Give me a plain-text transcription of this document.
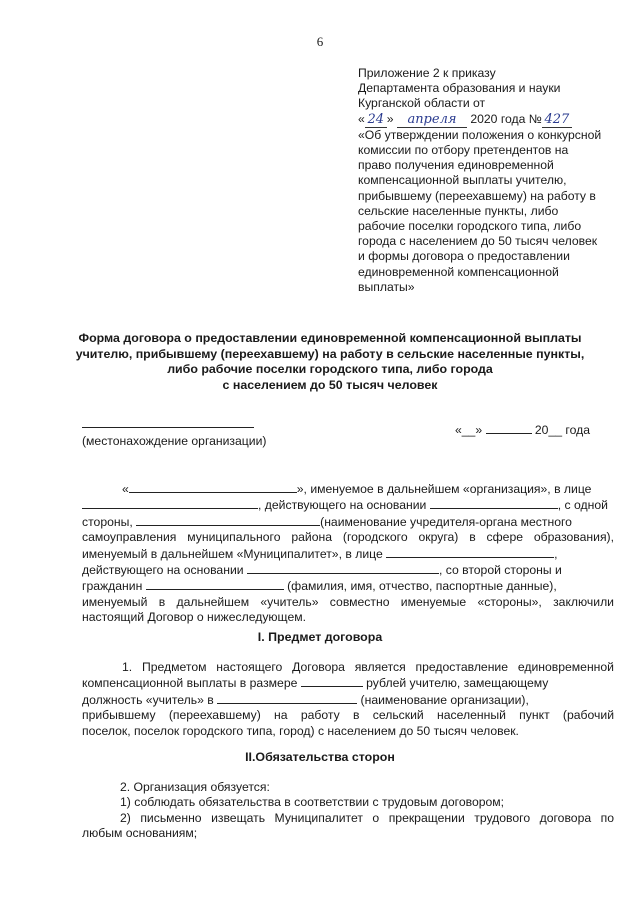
6
Приложение 2 к приказу
Департамента образования и науки
Курганской области от
« 24 » апреля 2020 года № 427
«Об утверждении положения о конкурсной
комиссии по отбору претендентов на
право получения единовременной
компенсационной выплаты учителю,
прибывшему (переехавшему) на работу в
сельские населенные пункты, либо
рабочие поселки городского типа, либо
города с населением до 50 тысяч человек
и формы договора о предоставлении
единовременной компенсационной
выплаты»
Форма договора о предоставлении единовременной компенсационной выплаты
учителю, прибывшему (переехавшему) на работу в сельские населенные пункты,
либо рабочие поселки городского типа, либо города
с населением до 50 тысяч человек
(местонахождение организации)
«__»	20__ года
«	», именуемое в дальнейшем «организация», в лице
, действующего на основании	, с одной
стороны,	(наименование учредителя-органа местного
самоуправления муниципального района (городского округа) в сфере образования),
именуемый в дальнейшем «Муниципалитет», в лице	,
действующего на основании	, со второй стороны и
гражданин	(фамилия, имя, отчество, паспортные данные),
именуемый в дальнейшем «учитель» совместно именуемые «стороны», заключили
настоящий Договор о нижеследующем.
I. Предмет договора
1. Предметом настоящего Договора является предоставление единовременной
компенсационной выплаты в размере	рублей учителю, замещающему
должность «учитель» в	(наименование организации),
прибывшему (переехавшему) на работу в сельский населенный пункт (рабочий
поселок, поселок городского типа, город) с населением до 50 тысяч человек.
II.Обязательства сторон
2. Организация обязуется:
1) соблюдать обязательства в соответствии с трудовым договором;
2) письменно извещать Муниципалитет о прекращении трудового договора по
любым основаниям;
